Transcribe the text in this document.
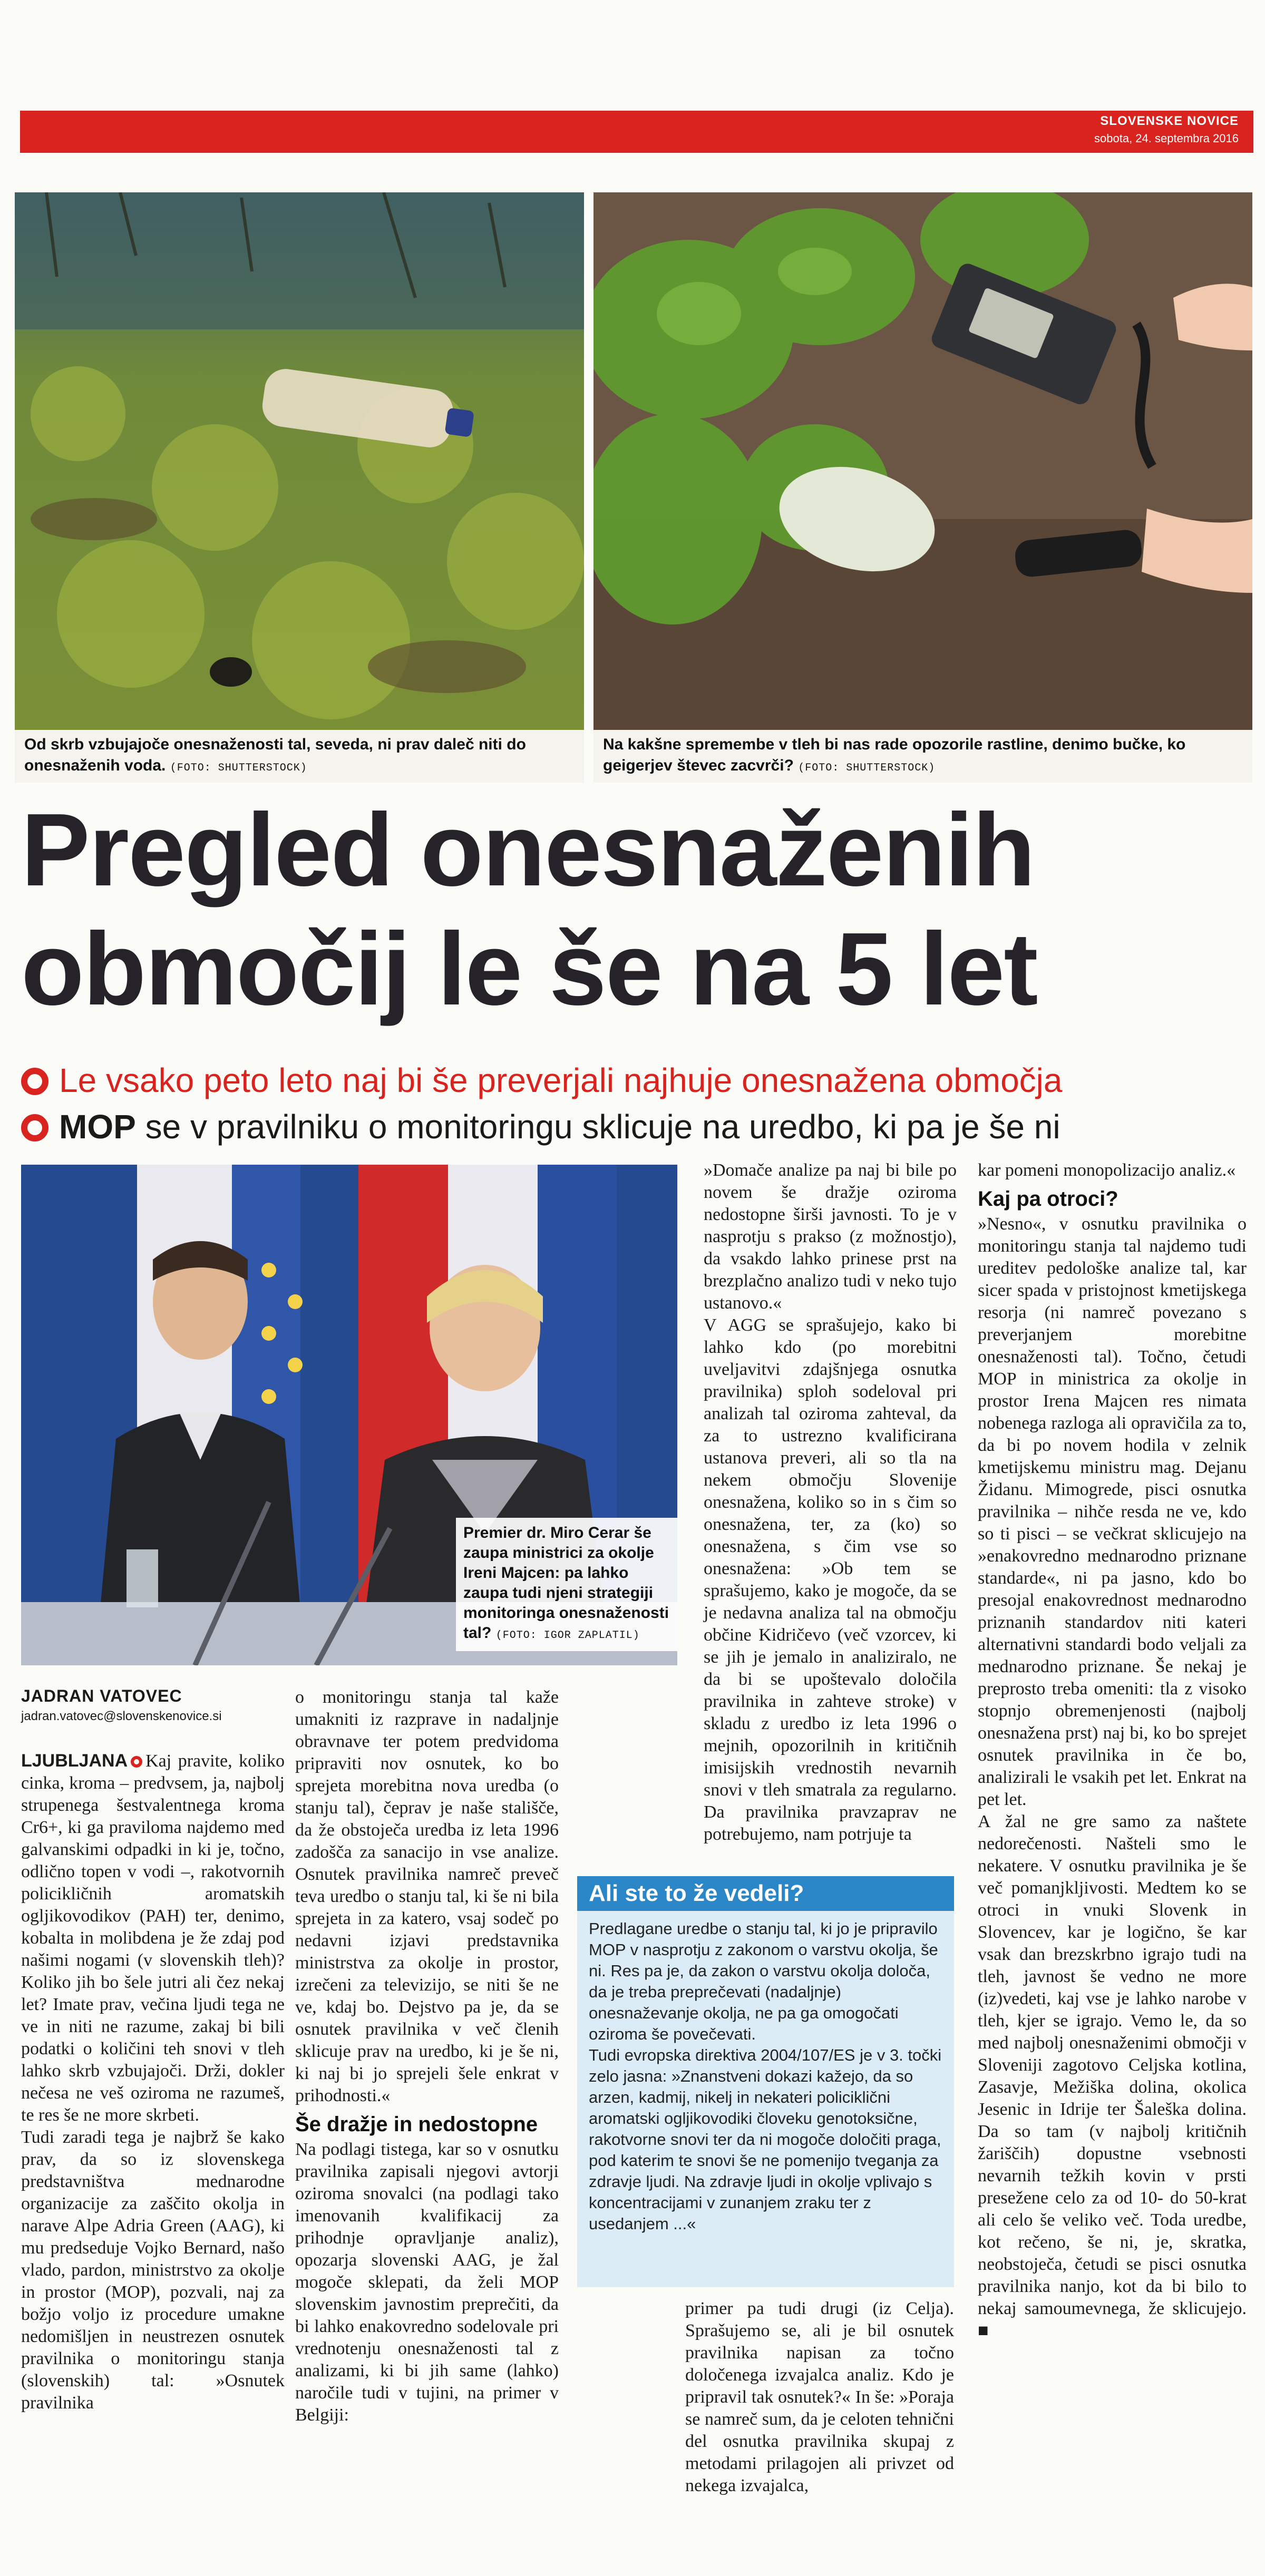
SLOVENSKE NOVICE
sobota, 24. septembra 2016
Od skrb vzbujajoče onesnaženosti tal, seveda, ni prav daleč niti do onesnaženih voda. (FOTO: SHUTTERSTOCK)
Na kakšne spremembe v tleh bi nas rade opozorile rastline, denimo bučke, ko geigerjev števec zacvrči? (FOTO: SHUTTERSTOCK)
Pregled onesnaženih
območij le še na 5 let
Le vsako peto leto naj bi še preverjali najhuje onesnažena območja
MOP se v pravilniku o monitoringu sklicuje na uredbo, ki pa je še ni
Premier dr. Miro Cerar še zaupa ministrici za okolje Ireni Majcen: pa lahko zaupa tudi njeni strategiji monitoringa onesnaženosti tal? (FOTO: IGOR ZAPLATIL)
JADRAN VATOVEC
jadran.vatovec@slovenskenovice.si

LJUBLJANA Kaj pravite, koliko cinka, kroma – predvsem, ja, najbolj strupenega šestvalentnega kroma Cr6+, ki ga praviloma najdemo med galvanskimi odpadki in ki je, točno, odlično topen v vodi –, rakotvornih policikličnih aromatskih ogljikovodikov (PAH) ter, denimo, kobalta in molibdena je že zdaj pod našimi nogami (v slovenskih tleh)? Koliko jih bo šele jutri ali čez nekaj let? Imate prav, večina ljudi tega ne ve in niti ne razume, zakaj bi bili podatki o količini teh snovi v tleh lahko skrb vzbujajoči. Drži, dokler nečesa ne veš oziroma ne razumeš, te res še ne more skrbeti.

Tudi zaradi tega je najbrž še kako prav, da so iz slovenskega predstavništva mednarodne organizacije za zaščito okolja in narave Alpe Adria Green (AAG), ki mu predseduje Vojko Bernard, našo vlado, pardon, ministrstvo za okolje in prostor (MOP), pozvali, naj za božjo voljo iz procedure umakne nedomišljen in neustrezen osnutek pravilnika o monitoringu stanja (slovenskih) tal: »Osnutek pravilnika

o monitoringu stanja tal kaže umakniti iz razprave in nadaljnje obravnave ter potem predvidoma pripraviti nov osnutek, ko bo sprejeta morebitna nova uredba (o stanju tal), čeprav je naše stališče, da že obstoječa uredba iz leta 1996 zadošča za sanacijo in vse analize. Osnutek pravilnika namreč preveč teva uredbo o stanju tal, ki še ni bila sprejeta in za katero, vsaj sodeč po nedavni izjavi predstavnika ministrstva za okolje in prostor, izrečeni za televizijo, se niti še ne ve, kdaj bo. Dejstvo pa je, da se osnutek pravilnika v več členih sklicuje prav na uredbo, ki je še ni, ki naj bi jo sprejeli šele enkrat v prihodnosti.«

Še dražje in nedostopne

Na podlagi tistega, kar so v osnutku pravilnika zapisali njegovi avtorji oziroma snovalci (na podlagi tako imenovanih kvalifikacij za prihodnje opravljanje analiz), opozarja slovenski AAG, je žal mogoče sklepati, da želi MOP slovenskim javnostim preprečiti, da bi lahko enakovredno sodelovale pri vrednotenju onesnaženosti tal z analizami, ki bi jih same (lahko) naročile tudi v tujini, na primer v Belgiji:

»Domače analize pa naj bi bile po novem še dražje oziroma nedostopne širši javnosti. To je v nasprotju s prakso (z možnostjo), da vsakdo lahko prinese prst na brezplačno analizo tudi v neko tujo ustanovo.«

V AGG se sprašujejo, kako bi lahko kdo (po morebitni uveljavitvi zdajšnjega osnutka pravilnika) sploh sodeloval pri analizah tal oziroma zahteval, da za to ustrezno kvalificirana ustanova preveri, ali so tla na nekem območju Slovenije onesnažena, koliko so in s čim so onesnažena, ter, za (ko) so onesnažena, s čim vse so onesnažena: »Ob tem se sprašujemo, kako je mogoče, da se je nedavna analiza tal na območju občine Kidričevo (več vzorcev, ki se jih je jemalo in analiziralo, ne da bi se upoštevalo določila pravilnika in zahteve stroke) v skladu z uredbo iz leta 1996 o mejnih, opozorilnih in kritičnih imisijskih vrednostih nevarnih snovi v tleh smatrala za regularno. Da pravilnika pravzaprav ne potrebujemo, nam potrjuje ta

Ali ste to že vedeli?
Predlagane uredbe o stanju tal, ki jo je pripravilo MOP v nasprotju z zakonom o varstvu okolja, še ni. Res pa je, da zakon o varstvu okolja določa, da je treba preprečevati (nadaljnje) onesnaževanje okolja, ne pa ga omogočati oziroma še povečevati.
Tudi evropska direktiva 2004/107/ES je v 3. točki zelo jasna: »Znanstveni dokazi kažejo, da so arzen, kadmij, nikelj in nekateri policiklični aromatski ogljikovodiki človeku genotoksične, rakotvorne snovi ter da ni mogoče določiti praga, pod katerim te snovi še ne pomenijo tveganja za zdravje ljudi. Na zdravje ljudi in okolje vplivajo s koncentracijami v zunanjem zraku ter z usedanjem ...«

primer pa tudi drugi (iz Celja). Sprašujemo se, ali je bil osnutek pravilnika napisan za točno določenega izvajalca analiz. Kdo je pripravil tak osnutek?« In še: »Poraja se namreč sum, da je celoten tehnični del osnutka pravilnika skupaj z metodami prilagojen ali privzet od nekega izvajalca,

kar pomeni monopolizacijo analiz.«

Kaj pa otroci?

»Nesno«, v osnutku pravilnika o monitoringu stanja tal najdemo tudi ureditev pedološke analize tal, kar sicer spada v pristojnost kmetijskega resorja (ni namreč povezano s preverjanjem morebitne onesnaženosti tal). Točno, četudi MOP in ministrica za okolje in prostor Irena Majcen res nimata nobenega razloga ali opravičila za to, da bi po novem hodila v zelnik kmetijskemu ministru mag. Dejanu Židanu. Mimogrede, pisci osnutka pravilnika – nihče resda ne ve, kdo so ti pisci – se večkrat sklicujejo na »enakovredno mednarodno priznane standarde«, ni pa jasno, kdo bo presojal enakovrednost mednarodno priznanih standardov niti kateri alternativni standardi bodo veljali za mednarodno priznane. Še nekaj je preprosto treba omeniti: tla z visoko stopnjo obremenjenosti (najbolj onesnažena prst) naj bi, ko bo sprejet osnutek pravilnika in če bo, analizirali le vsakih pet let. Enkrat na pet let.

A žal ne gre samo za naštete nedorečenosti. Našteli smo le nekatere. V osnutku pravilnika je še več pomanjkljivosti. Medtem ko se otroci in vnuki Slovenk in Slovencev, kar je logično, še kar vsak dan brezskrbno igrajo tudi na tleh, javnost še vedno ne more (iz)vedeti, kaj vse je lahko narobe v tleh, kjer se igrajo. Vemo le, da so med najbolj onesnaženimi območji v Sloveniji zagotovo Celjska kotlina, Zasavje, Mežiška dolina, okolica Jesenic in Idrije ter Šaleška dolina. Da so tam (v najbolj kritičnih žariščih) dopustne vsebnosti nevarnih težkih kovin v prsti presežene celo za od 10- do 50-krat ali celo še veliko več. Toda uredbe, kot rečeno, še ni, je, skratka, neobstoječa, četudi se pisci osnutka pravilnika nanjo, kot da bi bilo to nekaj samoumevnega, že sklicujejo. ■
